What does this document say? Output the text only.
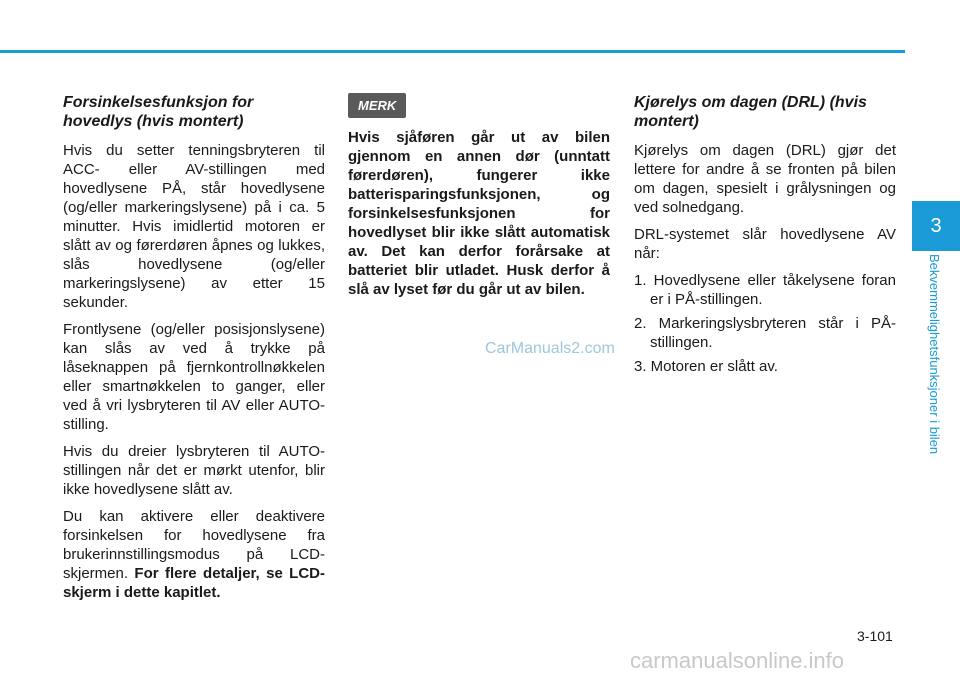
Forsinkelsesfunksjon for hovedlys (hvis montert)

Hvis du setter tenningsbryteren til ACC- eller AV-stillingen med hovedlysene PÅ, står hovedlysene (og/eller markeringslysene) på i ca. 5 minutter. Hvis imidlertid motoren er slått av og førerdøren åpnes og lukkes, slås hovedlysene (og/eller markeringslysene) av etter 15 sekunder.

Frontlysene (og/eller posisjonslysene) kan slås av ved å trykke på låseknappen på fjernkontrollnøkkelen eller smartnøkkelen to ganger, eller ved å vri lysbryteren til AV eller AUTO-stilling.

Hvis du dreier lysbryteren til AUTO-stillingen når det er mørkt utenfor, blir ikke hovedlysene slått av.

Du kan aktivere eller deaktivere forsinkelsen for hovedlysene fra brukerinnstillingsmodus på LCD-skjermen. For flere detaljer, se LCD-skjerm i dette kapitlet.

MERK
Hvis sjåføren går ut av bilen gjennom en annen dør (unntatt førerdøren), fungerer ikke batterisparingsfunksjonen, og forsinkelsesfunksjonen for hovedlyset blir ikke slått automatisk av. Det kan derfor forårsake at batteriet blir utladet. Husk derfor å slå av lyset før du går ut av bilen.
Kjørelys om dagen (DRL) (hvis montert)

Kjørelys om dagen (DRL) gjør det lettere for andre å se fronten på bilen om dagen, spesielt i grålysningen og ved solnedgang.

DRL-systemet slår hovedlysene AV når:

1. Hovedlysene eller tåkelysene foran er i PÅ-stillingen.
2. Markeringslysbryteren står i PÅ-stillingen.
3. Motoren er slått av.
3
Bekvemmelighetsfunksjoner i bilen
CarManuals2.com
3-101
carmanualsonline.info
